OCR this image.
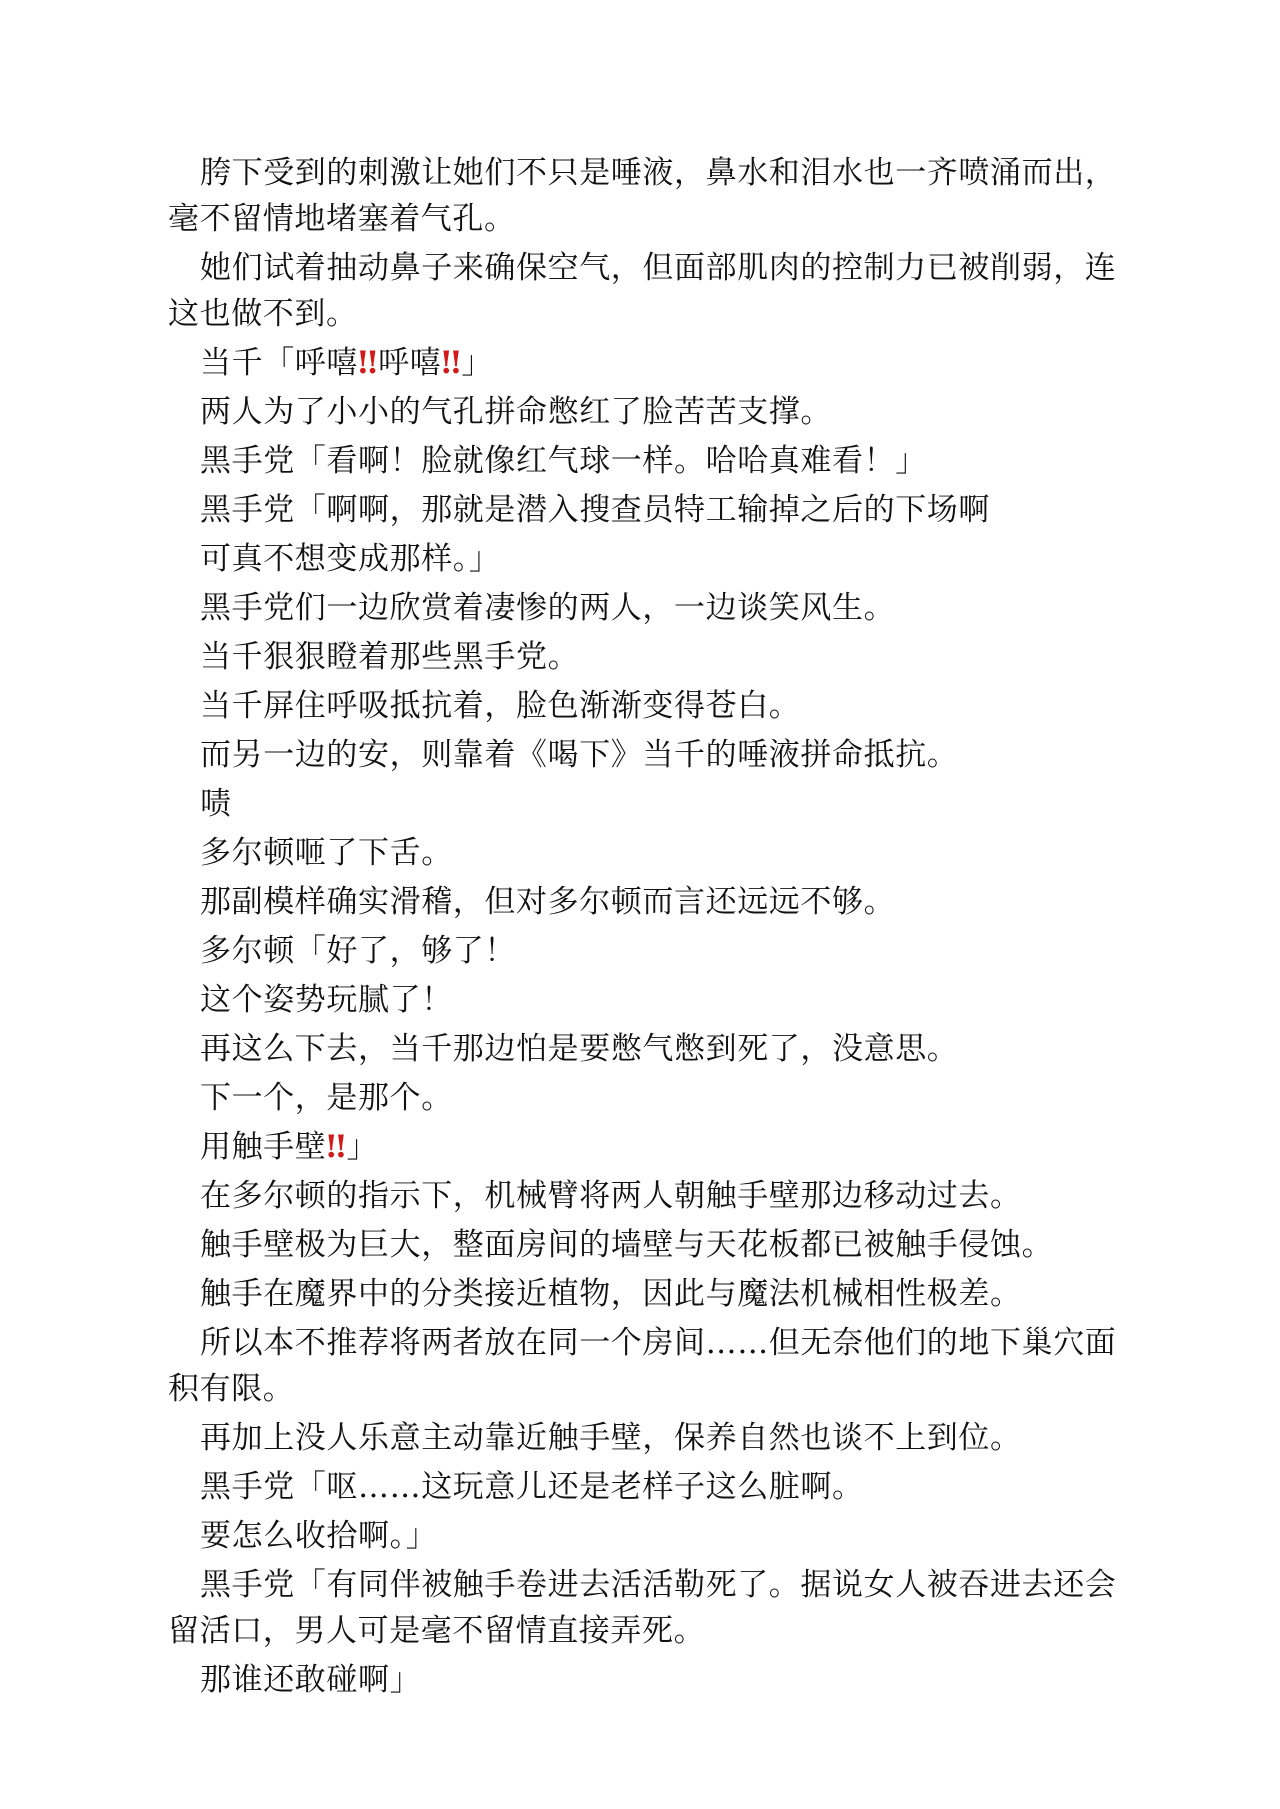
胯下受到的刺激让她们不只是唾液，鼻水和泪水也一齐喷涌而出，毫不留情地堵塞着气孔。

她们试着抽动鼻子来确保空气，但面部肌肉的控制力已被削弱，连这也做不到。

当千「呼嘻‼呼嘻‼」

两人为了小小的气孔拼命憋红了脸苦苦支撑。

黑手党「看啊！脸就像红气球一样。哈哈真难看！」

黑手党「啊啊，那就是潜入搜查员特工输掉之后的下场啊

可真不想变成那样。」

黑手党们一边欣赏着凄惨的两人，一边谈笑风生。

当千狠狠瞪着那些黑手党。

当千屏住呼吸抵抗着，脸色渐渐变得苍白。

而另一边的安，则靠着《喝下》当千的唾液拼命抵抗。

啧

多尔顿咂了下舌。

那副模样确实滑稽，但对多尔顿而言还远远不够。

多尔顿「好了，够了！

这个姿势玩腻了！

再这么下去，当千那边怕是要憋气憋到死了，没意思。

下一个，是那个。

用触手壁‼」

在多尔顿的指示下，机械臂将两人朝触手壁那边移动过去。

触手壁极为巨大，整面房间的墙壁与天花板都已被触手侵蚀。

触手在魔界中的分类接近植物，因此与魔法机械相性极差。

所以本不推荐将两者放在同一个房间……但无奈他们的地下巢穴面积有限。

再加上没人乐意主动靠近触手壁，保养自然也谈不上到位。

黑手党「呕……这玩意儿还是老样子这么脏啊。

要怎么收拾啊。」

黑手党「有同伴被触手卷进去活活勒死了。据说女人被吞进去还会留活口，男人可是毫不留情直接弄死。

那谁还敢碰啊」
